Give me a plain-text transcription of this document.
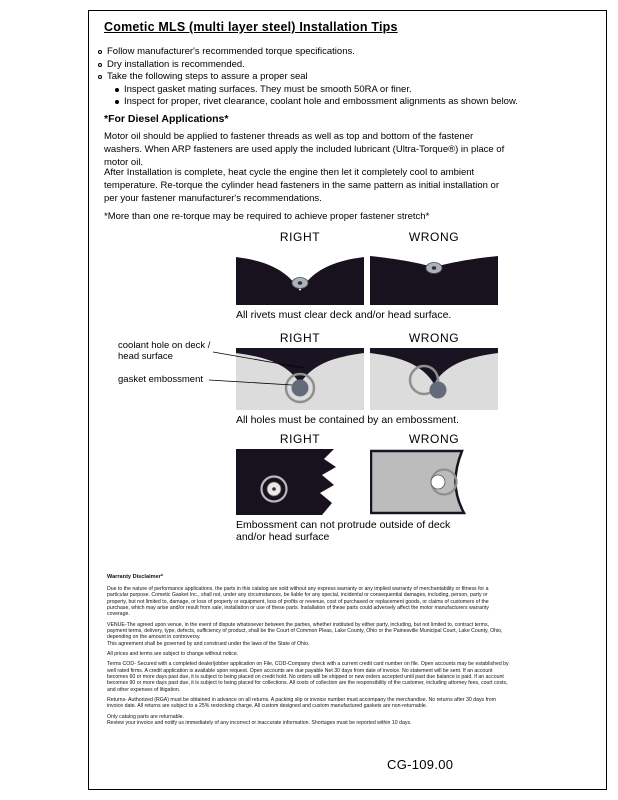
Cometic MLS (multi layer steel) Installation Tips
Follow manufacturer's recommended torque specifications.
Dry installation is recommended.
Take the following steps to assure a proper seal
Inspect gasket mating surfaces. They must be smooth 50RA or finer.
Inspect for proper, rivet clearance, coolant hole and embossment alignments as shown below.
*For Diesel Applications*
Motor oil should be applied to fastener threads as well as top and bottom of the fastener washers. When ARP fasteners are used apply the included lubricant (Ultra-Torque®) in place of motor oil.
After Installation is complete, heat cycle the engine then let it completely cool to ambient temperature. Re-torque the cylinder head fasteners in the same pattern as initial installation or per your fastener manufacturer's recommendations.
*More than one re-torque may be required to achieve proper fastener stretch*
RIGHT	WRONG
All rivets must clear deck and/or head surface.
RIGHT	WRONG
All holes must be contained by an embossment.
coolant hole on deck / head surface
gasket embossment
RIGHT	WRONG
Embossment can not protrude outside of deck and/or head surface
Warranty Disclaimer*

Due to the nature of performance applications, the parts in this catalog are sold without any express warranty or any implied warranty of merchantability or fitness for a particular purpose. Cometic Gasket Inc., shall not, under any circumstances, be liable for any special, incidental or consequential damages, including, person, party or property, but not limited to, damage, or loss of property or equipment, loss of profits or revenue, cost of purchased or replacement goods, or claims of customers of the purchase, which may arise and/or result from sale, installation or use of these parts. Installation of these parts could adversely affect the motor manufacturers warranty coverage.

VENUE-The agreed upon venue, in the event of dispute whatsoever between the parties, whether instituted by either party, including, but not limited to, contract terms, payment terms, delivery, type, defects, sufficiency of product, shall be the Court of Common Pleas, Lake County, Ohio or the Painesville Municipal Court, Lake County, Ohio, depending on the amount in controversy.

This agreement shall be governed by and construed under the laws of the State of Ohio.

All prices and terms are subject to change without notice.

Terms COD- Secured with a completed dealer/jobber application on File, COD-Company check with a current credit card number on file. Open accounts may be established by well rated firms. A credit application is available upon request. Open accounts are due payable Net 30 days from date of invoice. No statement will be sent. If an account becomes 60 or more days past due, it is subject to being placed on credit hold. No orders will be shipped or new orders accepted until past due balance is paid. If an account becomes 90 or more days past due, it is subject to being placed for collections. All costs of collection are the responsibility of the customer, including attorney fees, court costs, and other expenses of litigation.

Returns- Authorized (RGA) must be obtained in advance on all returns. A packing slip or invoice number must accompany the merchandise. No returns after 30 days from invoice date. All returns are subject to a 25% restocking charge. All custom designed and custom manufactured gaskets are non-returnable.

Only catalog parts are returnable.

Review your invoice and notify us immediately of any incorrect or inaccurate information. Shortages must be reported within 10 days.

CG-109.00
